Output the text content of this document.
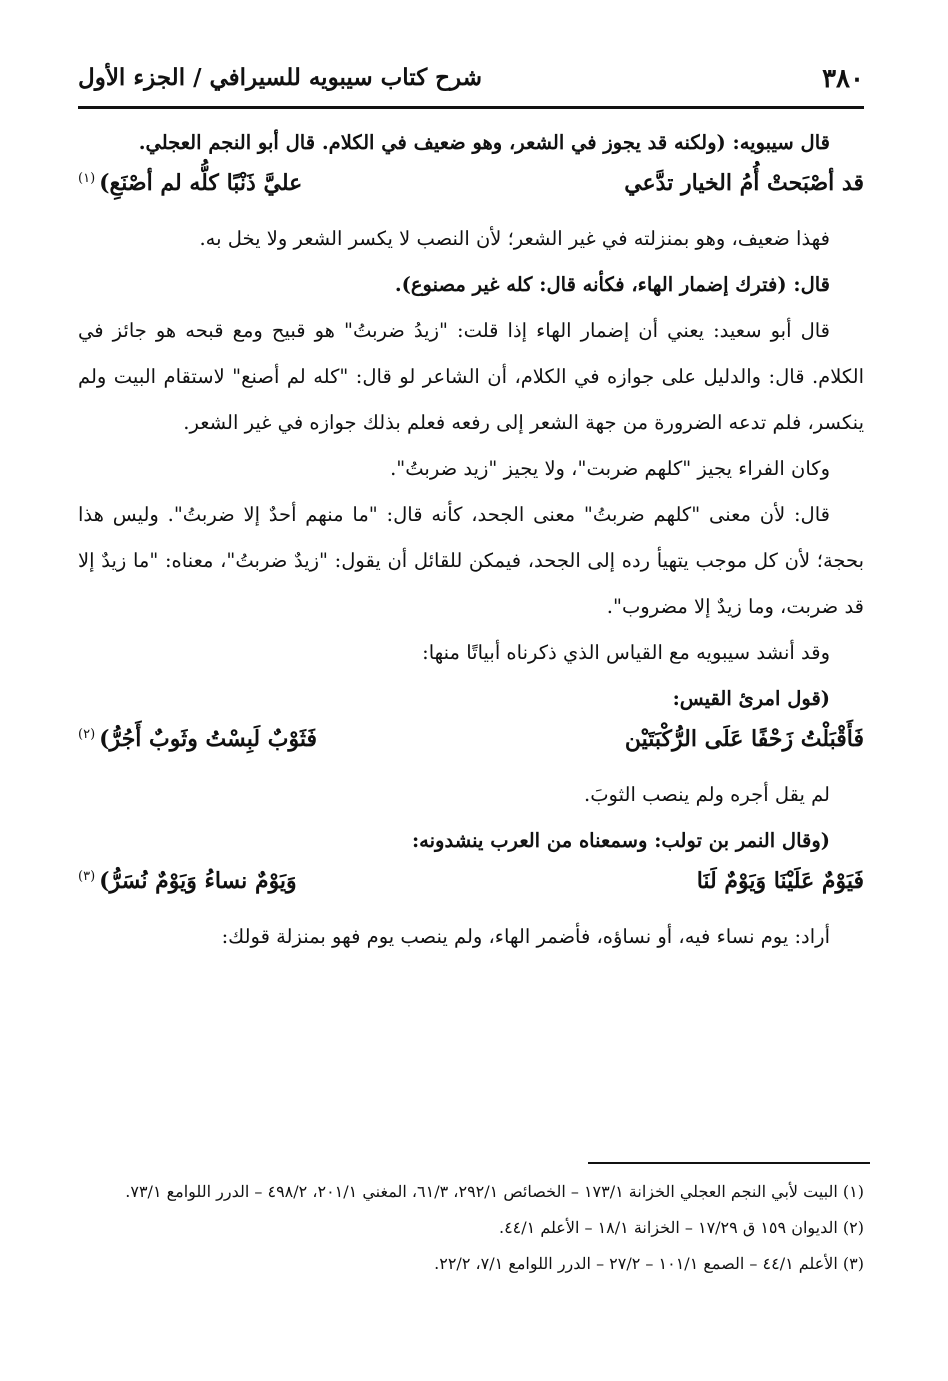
٣٨٠
شرح كتاب سيبويه للسيرافي / الجزء الأول

قال سيبويه: (ولكنه قد يجوز في الشعر، وهو ضعيف في الكلام. قال أبو النجم العجلي.

قد أصْبَحتْ أُمُ الخيار تدَّعي
عليَّ ذَنْبًا كلُّه لم أصْنَعِ)$^{(١)}$

فهذا ضعيف، وهو بمنزلته في غير الشعر؛ لأن النصب لا يكسر الشعر ولا يخل به.

قال: (فترك إضمار الهاء، فكأنه قال: كله غير مصنوع).

قال أبو سعيد: يعني أن إضمار الهاء إذا قلت: "زيدُ ضربتُ" هو قبيح ومع قبحه هو جائز في الكلام. قال: والدليل على جوازه في الكلام، أن الشاعر لو قال: "كله لم أصنع" لاستقام البيت ولم ينكسر، فلم تدعه الضرورة من جهة الشعر إلى رفعه فعلم بذلك جوازه في غير الشعر.

وكان الفراء يجيز "كلهم ضربت"، ولا يجيز "زيد ضربتُ".

قال: لأن معنى "كلهم ضربتُ" معنى الجحد، كأنه قال: "ما منهم أحدٌ إلا ضربتُ". وليس هذا بحجة؛ لأن كل موجب يتهيأ رده إلى الجحد، فيمكن للقائل أن يقول: "زيدٌ ضربتُ"، معناه: "ما زيدٌ إلا قد ضربت، وما زيدٌ إلا مضروب".

وقد أنشد سيبويه مع القياس الذي ذكرناه أبياتًا منها:

(قول امرئ القيس:

فَأَقْبَلْتُ زَحْفًا عَلَى الرُّكْبَتَيْن
فَثَوْبٌ لَبِسْتُ وثَوبٌ أَجُرُّ)$^{(٢)}$

لم يقل أجره ولم ينصب الثوبَ.

(وقال النمر بن تولب: وسمعناه من العرب ينشدونه:

فَيَوْمٌ عَلَيْنَا وَيَوْمٌ لَنَا
وَيَوْمٌ نساءُ وَيَوْمٌ نُسَرُّ)$^{(٣)}$

أراد: يوم نساء فيه، أو نساؤه، فأضمر الهاء، ولم ينصب يوم فهو بمنزلة قولك:

(١) البيت لأبي النجم العجلي الخزانة ١٧٣/١ – الخصائص ٢٩٢/١، ٦١/٣، المغني ٢٠١/١، ٤٩٨/٢ – الدرر اللوامع ٧٣/١.

(٢) الديوان ١٥٩ ق ١٧/٢٩ – الخزانة ١٨/١ – الأعلم ٤٤/١.

(٣) الأعلم ٤٤/١ – الصمع ١٠١/١ – ٢٧/٢ – الدرر اللوامع ٧/١، ٢٢/٢.
